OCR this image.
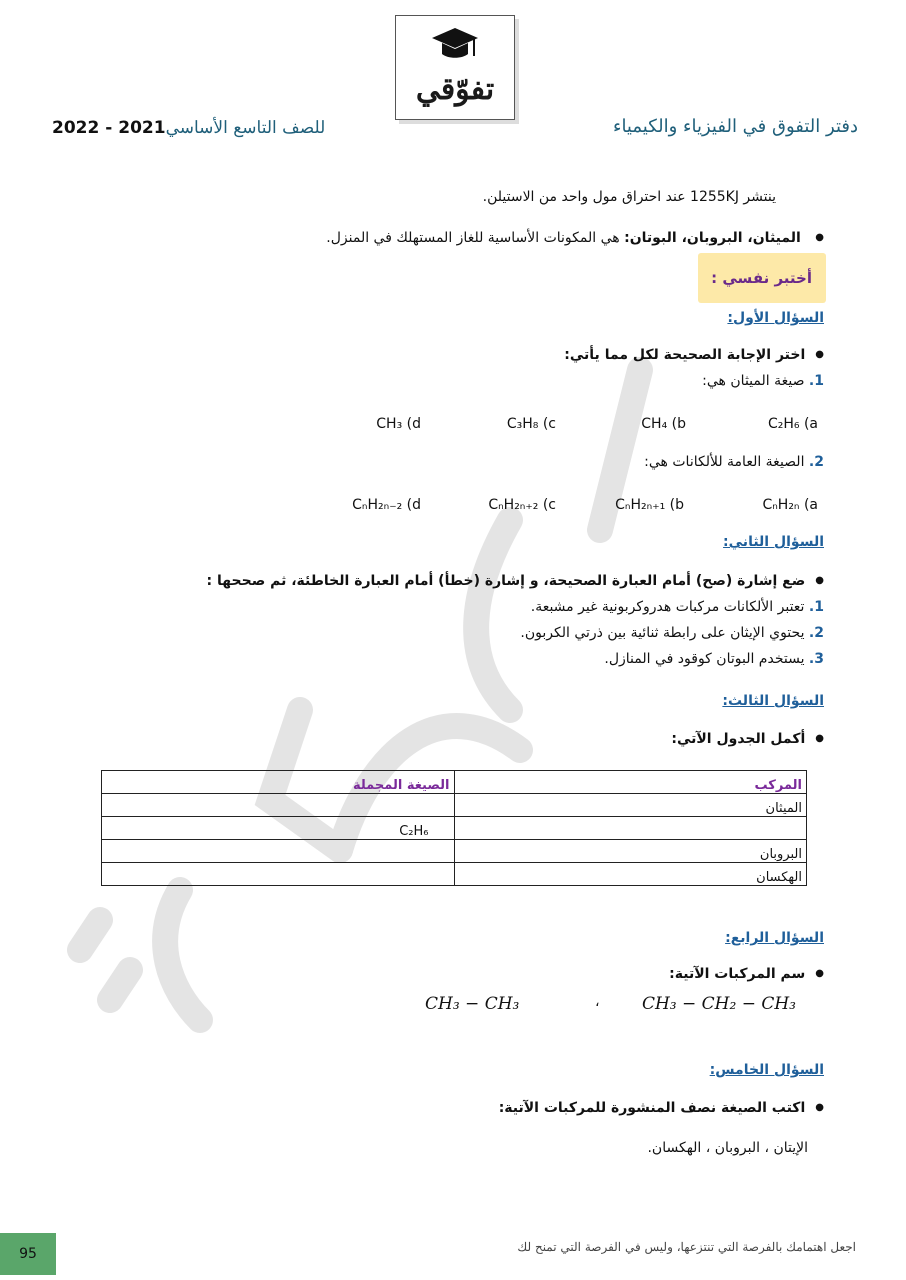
تفوّقي
دفتر التفوق في الفيزياء والكيمياء
للصف التاسع الأساسي2021 - 2022
ينتشر 1255KJ عند احتراق مول واحد من الاستيلن.
● الميثان، البروبان، البوتان: هي المكونات الأساسية للغاز المستهلك في المنزل.
أختبر نفسي :
السؤال الأول:
● اختر الإجابة الصحيحة لكل مما يأتي:
1. صيغة الميثان هي:
C₂H₆ (a
CH₄ (b
C₃H₈ (c
CH₃ (d
2. الصيغة العامة للألكانات هي:
CₙH₂ₙ (a
CₙH₂ₙ₊₁ (b
CₙH₂ₙ₊₂ (c
CₙH₂ₙ₋₂ (d
السؤال الثاني:
● ضع إشارة (صح) أمام العبارة الصحيحة، و إشارة (خطأ) أمام العبارة الخاطئة، ثم صححها :
1. تعتبر الألكانات مركبات هدروكربونية غير مشبعة.
2. يحتوي الإيثان على رابطة ثنائية بين ذرتي الكربون.
3. يستخدم البوتان كوقود في المنازل.
السؤال الثالث:
● أكمل الجدول الآتي:
المركب	الصيغة المجملة
الميثان	
	C₂H₆
البروبان	
الهكسان	
السؤال الرابع:
● سم المركبات الآتية:
CH₃ − CH₂ − CH₃
،
CH₃ − CH₃
السؤال الخامس:
● اكتب الصيغة نصف المنشورة للمركبات الآتية:
الإيتان ، البروبان ، الهكسان.
اجعل اهتمامك بالفرصة التي تنتزعها، وليس في الفرصة التي تمنح لك
95
